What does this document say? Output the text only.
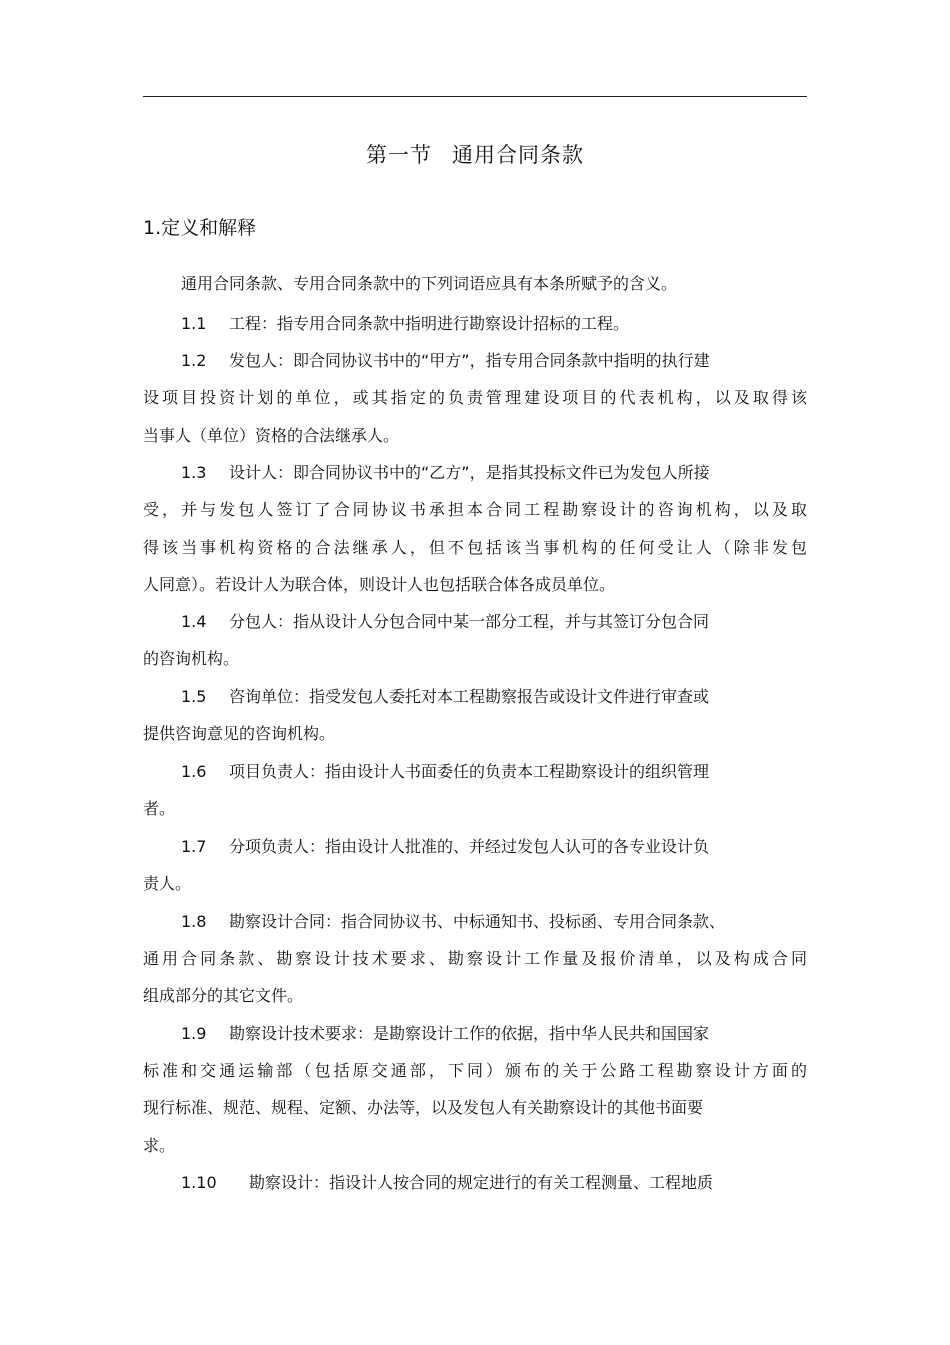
第一节 通用合同条款
1.定义和解释
通用合同条款、专用合同条款中的下列词语应具有本条所赋予的含义。
1.1 工程：指专用合同条款中指明进行勘察设计招标的工程。
1.2 发包人：即合同协议书中的“甲方”，指专用合同条款中指明的执行建
设项目投资计划的单位，或其指定的负责管理建设项目的代表机构，以及取得该
当事人（单位）资格的合法继承人。
1.3 设计人：即合同协议书中的“乙方”，是指其投标文件已为发包人所接
受，并与发包人签订了合同协议书承担本合同工程勘察设计的咨询机构，以及取
得该当事机构资格的合法继承人，但不包括该当事机构的任何受让人（除非发包
人同意）。若设计人为联合体，则设计人也包括联合体各成员单位。
1.4 分包人：指从设计人分包合同中某一部分工程，并与其签订分包合同
的咨询机构。
1.5 咨询单位：指受发包人委托对本工程勘察报告或设计文件进行审查或
提供咨询意见的咨询机构。
1.6 项目负责人：指由设计人书面委任的负责本工程勘察设计的组织管理
者。
1.7 分项负责人：指由设计人批准的、并经过发包人认可的各专业设计负
责人。
1.8 勘察设计合同：指合同协议书、中标通知书、投标函、专用合同条款、
通用合同条款、勘察设计技术要求、勘察设计工作量及报价清单，以及构成合同
组成部分的其它文件。
1.9 勘察设计技术要求：是勘察设计工作的依据，指中华人民共和国国家
标准和交通运输部（包括原交通部，下同）颁布的关于公路工程勘察设计方面的
现行标准、规范、规程、定额、办法等，以及发包人有关勘察设计的其他书面要
求。
1.10 勘察设计：指设计人按合同的规定进行的有关工程测量、工程地质
